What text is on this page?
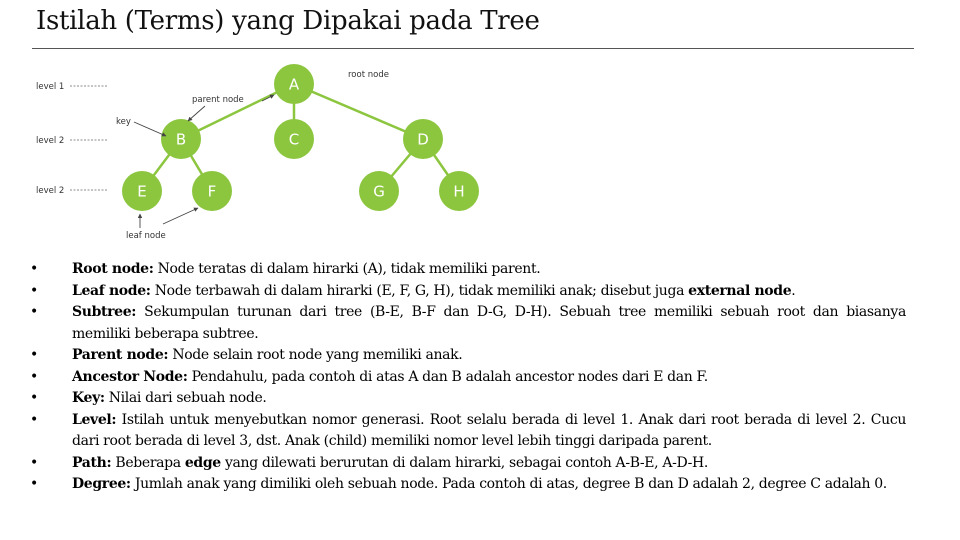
Istilah (Terms) yang Dipakai pada Tree
A
B	C	D
E	F	G	H
level 1
level 2
level 2
root node
parent node
key
leaf node
• Root node: Node teratas di dalam hirarki (A), tidak memiliki parent.
• Leaf node: Node terbawah di dalam hirarki (E, F, G, H), tidak memiliki anak; disebut juga external node.
• Subtree: Sekumpulan turunan dari tree (B-E, B-F dan D-G, D-H). Sebuah tree memiliki sebuah root dan biasanya memiliki beberapa subtree.
• Parent node: Node selain root node yang memiliki anak.
• Ancestor Node: Pendahulu, pada contoh di atas A dan B adalah ancestor nodes dari E dan F.
• Key: Nilai dari sebuah node.
• Level: Istilah untuk menyebutkan nomor generasi. Root selalu berada di level 1. Anak dari root berada di level 2. Cucu dari root berada di level 3, dst. Anak (child) memiliki nomor level lebih tinggi daripada parent.
• Path: Beberapa edge yang dilewati berurutan di dalam hirarki, sebagai contoh A-B-E, A-D-H.
• Degree: Jumlah anak yang dimiliki oleh sebuah node. Pada contoh di atas, degree B dan D adalah 2, degree C adalah 0.
